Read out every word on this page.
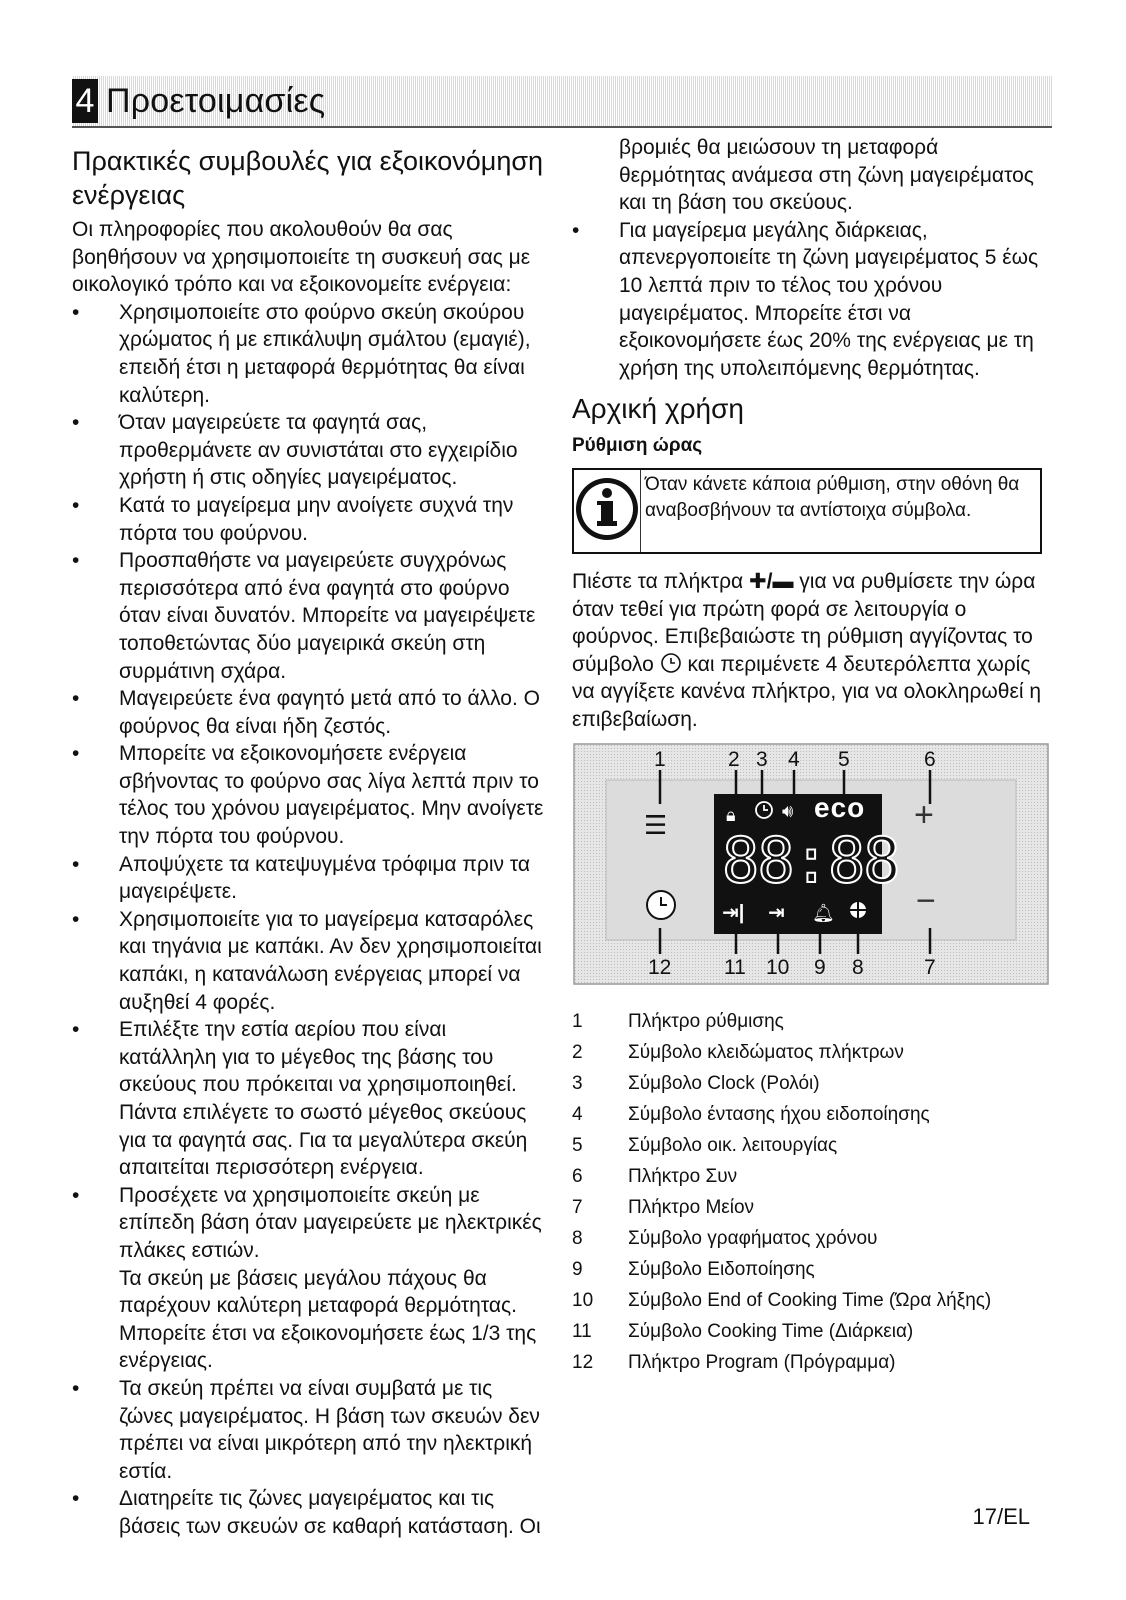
4 Προετοιμασίες
Πρακτικές συμβουλές για εξοικονόμηση ενέργειας

Οι πληροφορίες που ακολουθούν θα σας βοηθήσουν να χρησιμοποιείτε τη συσκευή σας με οικολογικό τρόπο και να εξοικονομείτε ενέργεια:

• Χρησιμοποιείτε στο φούρνο σκεύη σκούρου χρώματος ή με επικάλυψη σμάλτου (εμαγιέ), επειδή έτσι η μεταφορά θερμότητας θα είναι καλύτερη.
• Όταν μαγειρεύετε τα φαγητά σας, προθερμάνετε αν συνιστάται στο εγχειρίδιο χρήστη ή στις οδηγίες μαγειρέματος.
• Κατά το μαγείρεμα μην ανοίγετε συχνά την πόρτα του φούρνου.
• Προσπαθήστε να μαγειρεύετε συγχρόνως περισσότερα από ένα φαγητά στο φούρνο όταν είναι δυνατόν. Μπορείτε να μαγειρέψετε τοποθετώντας δύο μαγειρικά σκεύη στη συρμάτινη σχάρα.
• Μαγειρεύετε ένα φαγητό μετά από το άλλο. Ο φούρνος θα είναι ήδη ζεστός.
• Μπορείτε να εξοικονομήσετε ενέργεια σβήνοντας το φούρνο σας λίγα λεπτά πριν το τέλος του χρόνου μαγειρέματος. Μην ανοίγετε την πόρτα του φούρνου.
• Αποψύχετε τα κατεψυγμένα τρόφιμα πριν τα μαγειρέψετε.
• Χρησιμοποιείτε για το μαγείρεμα κατσαρόλες και τηγάνια με καπάκι. Αν δεν χρησιμοποιείται καπάκι, η κατανάλωση ενέργειας μπορεί να αυξηθεί 4 φορές.
• Επιλέξτε την εστία αερίου που είναι κατάλληλη για το μέγεθος της βάσης του σκεύους που πρόκειται να χρησιμοποιηθεί. Πάντα επιλέγετε το σωστό μέγεθος σκεύους για τα φαγητά σας. Για τα μεγαλύτερα σκεύη απαιτείται περισσότερη ενέργεια.
• Προσέχετε να χρησιμοποιείτε σκεύη με επίπεδη βάση όταν μαγειρεύετε με ηλεκτρικές πλάκες εστιών.
Τα σκεύη με βάσεις μεγάλου πάχους θα παρέχουν καλύτερη μεταφορά θερμότητας. Μπορείτε έτσι να εξοικονομήσετε έως 1/3 της ενέργειας.
• Τα σκεύη πρέπει να είναι συμβατά με τις ζώνες μαγειρέματος. Η βάση των σκευών δεν πρέπει να είναι μικρότερη από την ηλεκτρική εστία.
• Διατηρείτε τις ζώνες μαγειρέματος και τις βάσεις των σκευών σε καθαρή κατάσταση. Οι
βρομιές θα μειώσουν τη μεταφορά θερμότητας ανάμεσα στη ζώνη μαγειρέματος και τη βάση του σκεύους.
• Για μαγείρεμα μεγάλης διάρκειας, απενεργοποιείτε τη ζώνη μαγειρέματος 5 έως 10 λεπτά πριν το τέλος του χρόνου μαγειρέματος. Μπορείτε έτσι να εξοικονομήσετε έως 20% της ενέργειας με τη χρήση της υπολειπόμενης θερμότητας.
Αρχική χρήση
Ρύθμιση ώρας
Όταν κάνετε κάποια ρύθμιση, στην οθόνη θα αναβοσβήνουν τα αντίστοιχα σύμβολα.

Πιέστε τα πλήκτρα ✚/▬ για να ρυθμίσετε την ώρα όταν τεθεί για πρώτη φορά σε λειτουργία ο φούρνος. Επιβεβαιώστε τη ρύθμιση αγγίζοντας το σύμβολο και περιμένετε 4 δευτερόλεπτα χωρίς να αγγίξετε κανένα πλήκτρο, για να ολοκληρωθεί η επιβεβαίωση.

1	2 3 4 5	6
12	11 10 9 8	7
☰	+
−
🔒︎	🔊︎ eco
88:88
⇥| ⇥ 🔔︎
1	Πλήκτρο ρύθμισης
2	Σύμβολο κλειδώματος πλήκτρων
3	Σύμβολο Clock (Ρολόι)
4	Σύμβολο έντασης ήχου ειδοποίησης
5	Σύμβολο οικ. λειτουργίας
6	Πλήκτρο Συν
7	Πλήκτρο Μείον
8	Σύμβολο γραφήματος χρόνου
9	Σύμβολο Ειδοποίησης
10	Σύμβολο End of Cooking Time (Ώρα λήξης)
11	Σύμβολο Cooking Time (Διάρκεια)
12	Πλήκτρο Program (Πρόγραμμα)
17/EL
